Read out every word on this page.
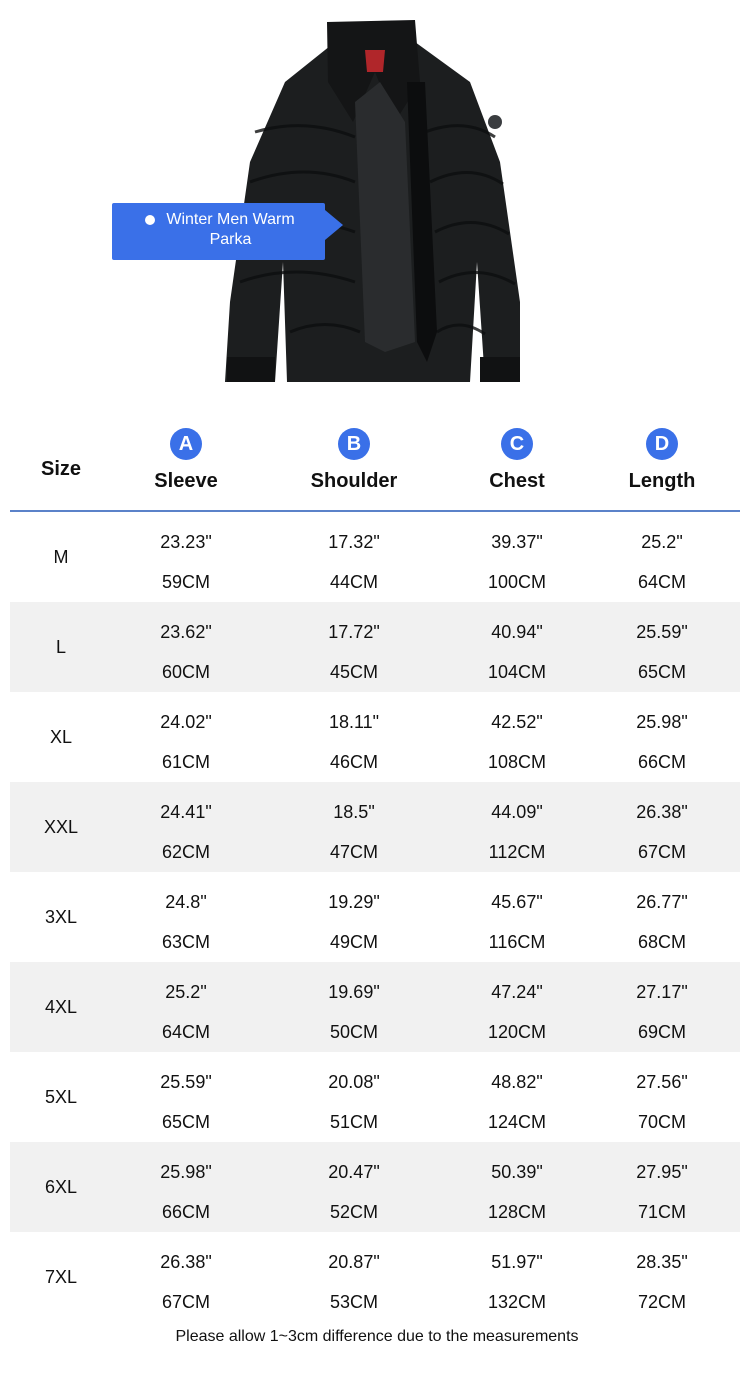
Winter Men Warm Parka
Size
A
Sleeve
B
Shoulder
C
Chest
D
Length
M
23.23"
59CM
17.32"
44CM
39.37"
100CM
25.2"
64CM
L
23.62"
60CM
17.72"
45CM
40.94"
104CM
25.59"
65CM
XL
24.02"
61CM
18.11"
46CM
42.52"
108CM
25.98"
66CM
XXL
24.41"
62CM
18.5"
47CM
44.09"
112CM
26.38"
67CM
3XL
24.8"
63CM
19.29"
49CM
45.67"
116CM
26.77"
68CM
4XL
25.2"
64CM
19.69"
50CM
47.24"
120CM
27.17"
69CM
5XL
25.59"
65CM
20.08"
51CM
48.82"
124CM
27.56"
70CM
6XL
25.98"
66CM
20.47"
52CM
50.39"
128CM
27.95"
71CM
7XL
26.38"
67CM
20.87"
53CM
51.97"
132CM
28.35"
72CM
Please allow 1~3cm difference due to the measurements
